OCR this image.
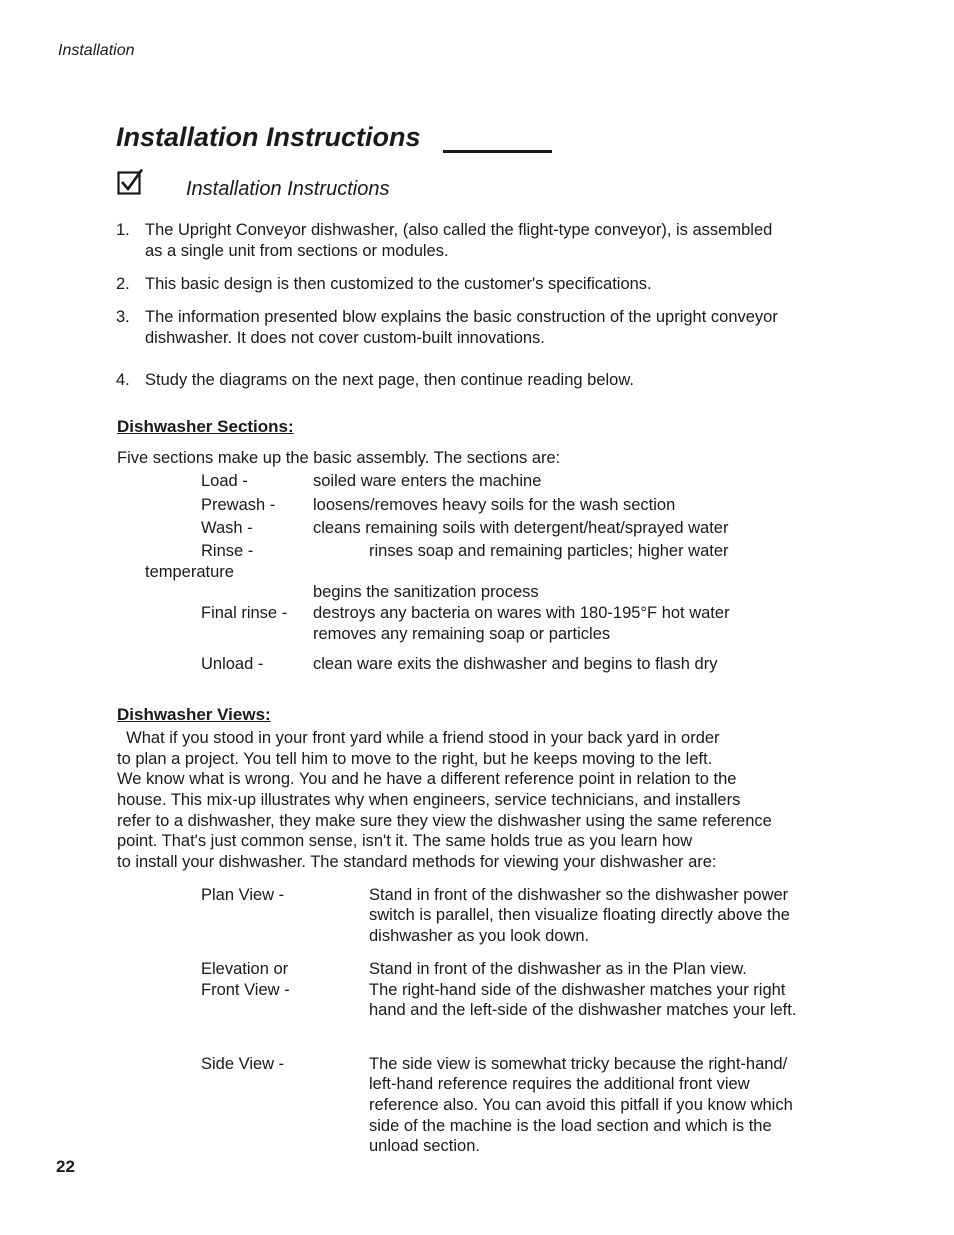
Installation
Installation Instructions
Installation Instructions
1. The Upright Conveyor dishwasher, (also called the flight-type conveyor), is assembled
as a single unit from sections or modules.
2. This basic design is then customized to the customer's specifications.
3. The information presented blow explains the basic construction of the upright conveyor
dishwasher. It does not cover custom-built innovations.
4. Study the diagrams on the next page, then continue reading below.
Dishwasher Sections:
Five sections make up the basic assembly. The sections are:
Load -	soiled ware enters the machine
Prewash - loosens/removes heavy soils for the wash section
Wash -	cleans remaining soils with detergent/heat/sprayed water
Rinse -	rinses soap and remaining particles; higher water
temperature
begins the sanitization process
Final rinse - destroys any bacteria on wares with 180-195°F hot water
removes any remaining soap or particles
Unload -	clean ware exits the dishwasher and begins to flash dry
Dishwasher Views:
What if you stood in your front yard while a friend stood in your back yard in order
to plan a project. You tell him to move to the right, but he keeps moving to the left.
We know what is wrong. You and he have a different reference point in relation to the
house. This mix-up illustrates why when engineers, service technicians, and installers
refer to a dishwasher, they make sure they view the dishwasher using the same reference
point. That's just common sense, isn't it. The same holds true as you learn how
to install your dishwasher. The standard methods for viewing your dishwasher are:
Plan View -	Stand in front of the dishwasher so the dishwasher power
switch is parallel, then visualize floating directly above the
dishwasher as you look down.
Elevation or
Front View -
Stand in front of the dishwasher as in the Plan view.
The right-hand side of the dishwasher matches your right
hand and the left-side of the dishwasher matches your left.
Side View -	The side view is somewhat tricky because the right-hand/
left-hand reference requires the additional front view
reference also. You can avoid this pitfall if you know which
side of the machine is the load section and which is the
unload section.
22
